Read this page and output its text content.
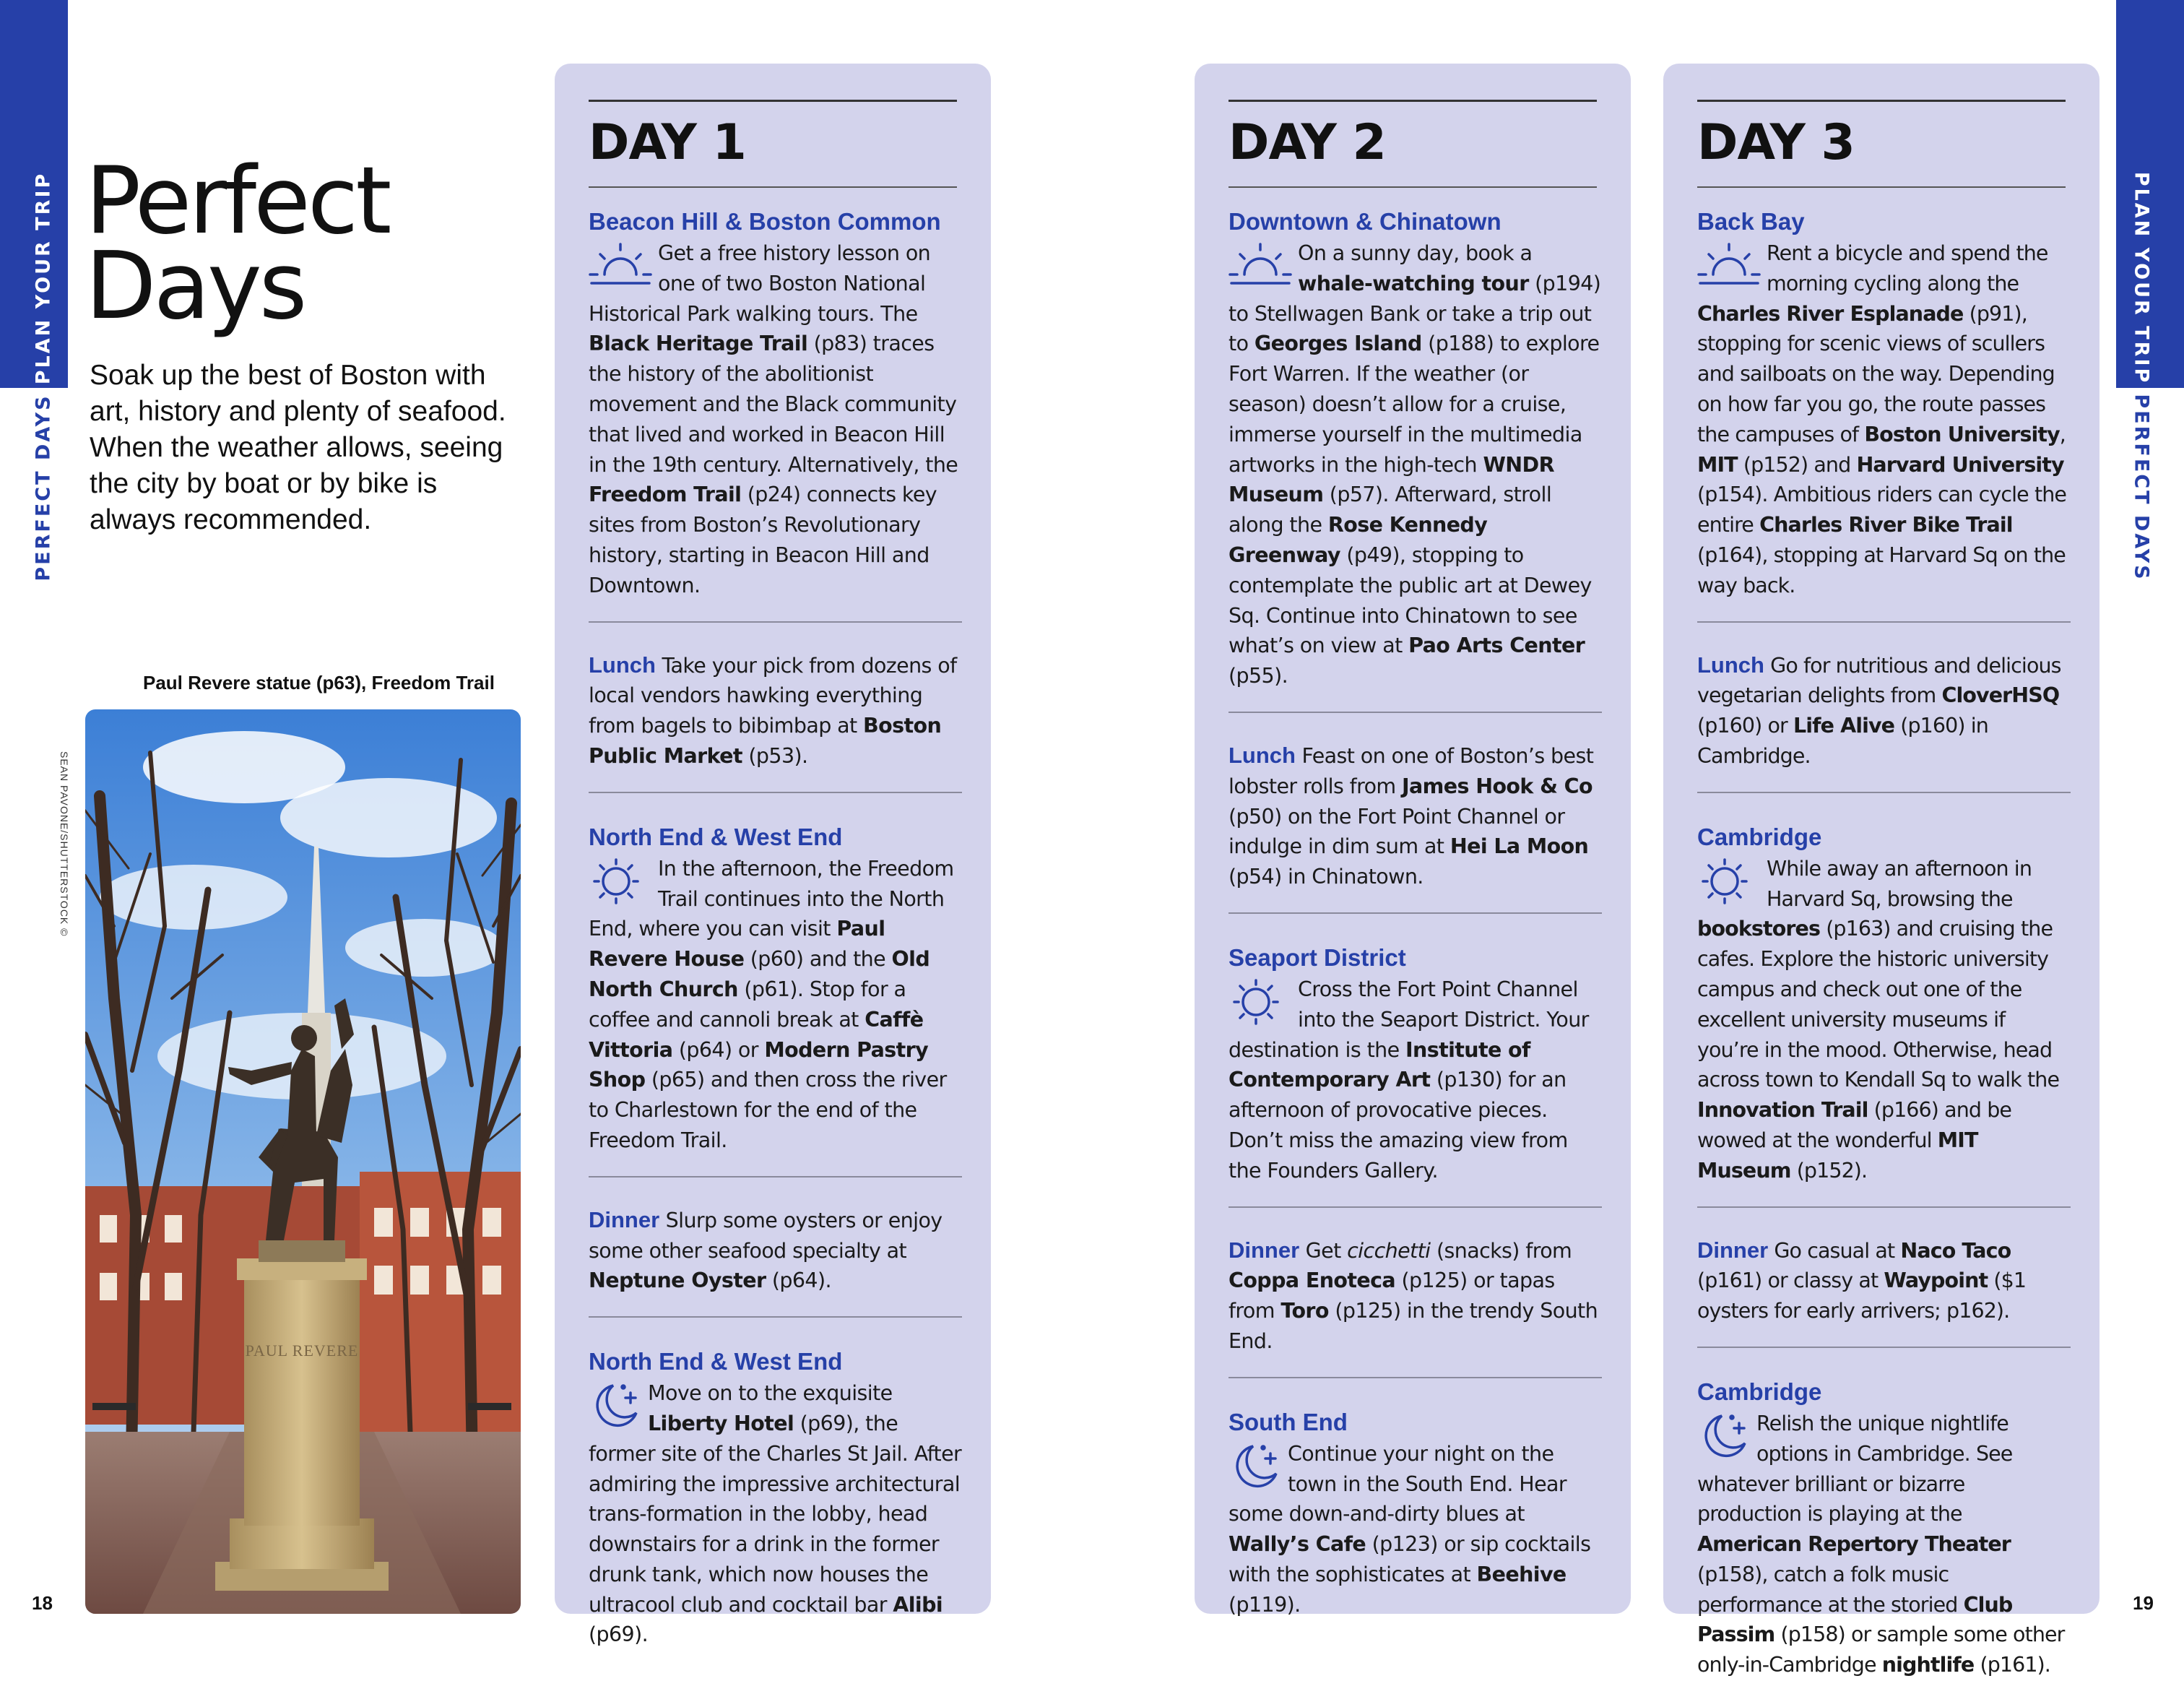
PLAN YOUR TRIP
PERFECT DAYS
PLAN YOUR TRIP
PERFECT DAYS
18	19
Perfect
Days

Soak up the best of Boston with art, history and plenty of seafood. When the weather allows, seeing the city by boat or by bike is always recommended.

Paul Revere statue (p63), Freedom Trail
SEAN PAVONE/SHUTTERSTOCK ©
PAUL REVERE
DAY 1
Beacon Hill & Boston Common
Get a free history lesson on one of two Boston National Historical Park walking tours. The Black Heritage Trail (p83) traces the history of the abolitionist movement and the Black community that lived and worked in Beacon Hill in the 19th century. Alternatively, the Freedom Trail (p24) connects key sites from Boston’s Revolutionary history, starting in Beacon Hill and Downtown.
Lunch Take your pick from dozens of local vendors hawking everything from bagels to bibimbap at Boston Public Market (p53).
North End & West End
In the afternoon, the Freedom Trail continues into the North End, where you can visit Paul Revere House (p60) and the Old North Church (p61). Stop for a coffee and cannoli break at Caffè Vittoria (p64) or Modern Pastry Shop (p65) and then cross the river to Charlestown for the end of the Freedom Trail.
Dinner Slurp some oysters or enjoy some other seafood specialty at Neptune Oyster (p64).
North End & West End
Move on to the exquisite Liberty Hotel (p69), the former site of the Charles St Jail. After admiring the impressive architectural trans-formation in the lobby, head downstairs for a drink in the former drunk tank, which now houses the ultracool club and cocktail bar Alibi (p69).
DAY 2
Downtown & Chinatown
On a sunny day, book a whale-watching tour (p194) to Stellwagen Bank or take a trip out to Georges Island (p188) to explore Fort Warren. If the weather (or season) doesn’t allow for a cruise, immerse yourself in the multimedia artworks in the high-tech WNDR Museum (p57). Afterward, stroll along the Rose Kennedy Greenway (p49), stopping to contemplate the public art at Dewey Sq. Continue into Chinatown to see what’s on view at Pao Arts Center (p55).
Lunch Feast on one of Boston’s best lobster rolls from James Hook & Co (p50) on the Fort Point Channel or indulge in dim sum at Hei La Moon (p54) in Chinatown.
Seaport District
Cross the Fort Point Channel into the Seaport District. Your destination is the Institute of Contemporary Art (p130) for an afternoon of provocative pieces. Don’t miss the amazing view from the Founders Gallery.
Dinner Get cicchetti (snacks) from Coppa Enoteca (p125) or tapas from Toro (p125) in the trendy South End.
South End
Continue your night on the town in the South End. Hear some down-and-dirty blues at Wally’s Cafe (p123) or sip cocktails with the sophisticates at Beehive (p119).
DAY 3
Back Bay
Rent a bicycle and spend the morning cycling along the Charles River Esplanade (p91), stopping for scenic views of scullers and sailboats on the way. Depending on how far you go, the route passes the campuses of Boston University, MIT (p152) and Harvard University (p154). Ambitious riders can cycle the entire Charles River Bike Trail (p164), stopping at Harvard Sq on the way back.
Lunch Go for nutritious and delicious vegetarian delights from CloverHSQ (p160) or Life Alive (p160) in Cambridge.
Cambridge
While away an afternoon in Harvard Sq, browsing the bookstores (p163) and cruising the cafes. Explore the historic university campus and check out one of the excellent university museums if you’re in the mood. Otherwise, head across town to Kendall Sq to walk the Innovation Trail (p166) and be wowed at the wonderful MIT Museum (p152).
Dinner Go casual at Naco Taco (p161) or classy at Waypoint ($1 oysters for early arrivers; p162).
Cambridge
Relish the unique nightlife options in Cambridge. See whatever brilliant or bizarre production is playing at the American Repertory Theater (p158), catch a folk music performance at the storied Club Passim (p158) or sample some other only-in-Cambridge nightlife (p161).
